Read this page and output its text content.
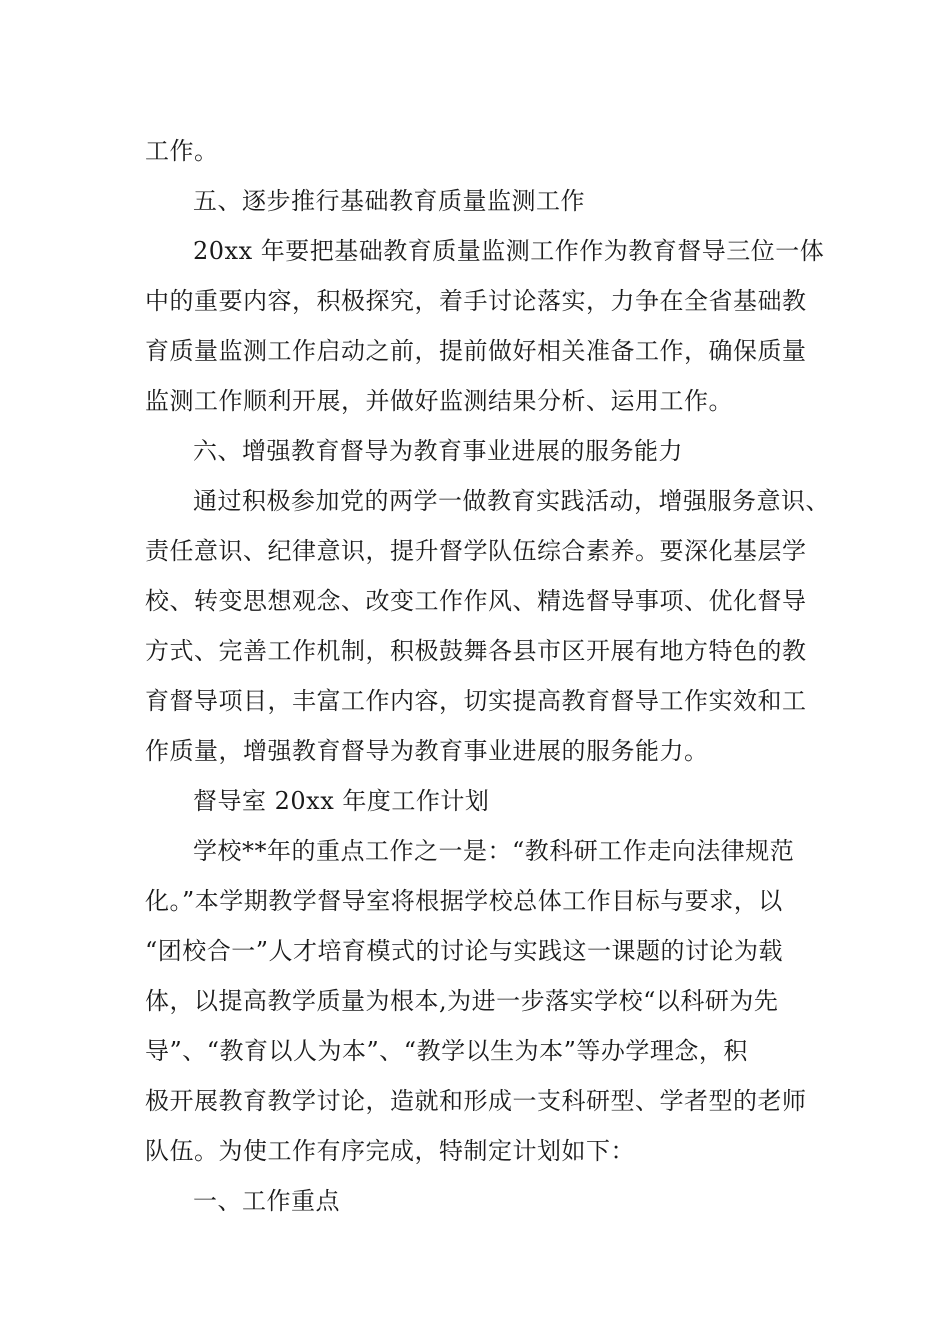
工作。
五、逐步推行基础教育质量监测工作
20xx 年要把基础教育质量监测工作作为教育督导三位一体
中的重要内容，积极探究，着手讨论落实，力争在全省基础教
育质量监测工作启动之前，提前做好相关准备工作，确保质量
监测工作顺利开展，并做好监测结果分析、运用工作。
六、增强教育督导为教育事业进展的服务能力
通过积极参加党的两学一做教育实践活动，增强服务意识、
责任意识、纪律意识，提升督学队伍综合素养。要深化基层学
校、转变思想观念、改变工作作风、精选督导事项、优化督导
方式、完善工作机制，积极鼓舞各县市区开展有地方特色的教
育督导项目，丰富工作内容，切实提高教育督导工作实效和工
作质量，增强教育督导为教育事业进展的服务能力。
督导室 20xx 年度工作计划
学校**年的重点工作之一是：“教科研工作走向法律规范
化。”本学期教学督导室将根据学校总体工作目标与要求，以
“团校合一”人才培育模式的讨论与实践这一课题的讨论为载
体，以提高教学质量为根本,为进一步落实学校“以科研为先
导”、“教育以人为本”、“教学以生为本”等办学理念，积
极开展教育教学讨论，造就和形成一支科研型、学者型的老师
队伍。为使工作有序完成，特制定计划如下：
一、工作重点
